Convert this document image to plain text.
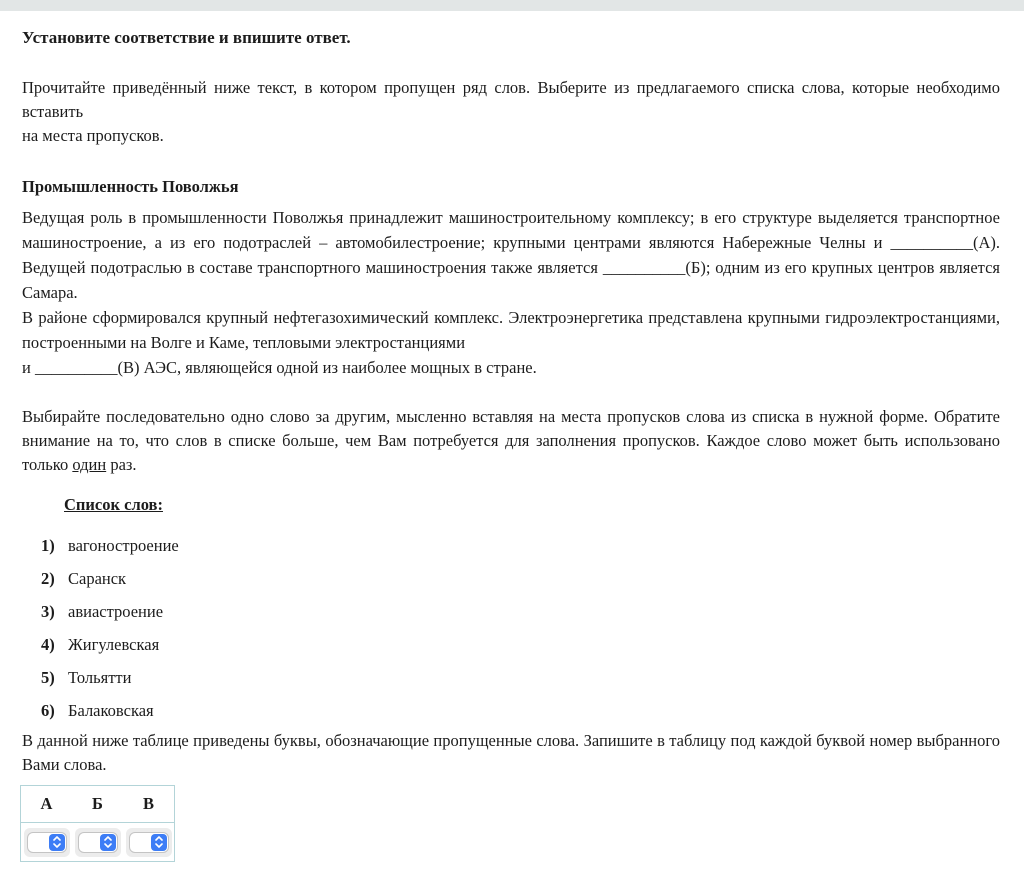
Установите соответствие и впишите ответ.

Прочитайте приведённый ниже текст, в котором пропущен ряд слов. Выберите из предлагаемого списка слова, которые необходимо вставить
на места пропусков.

Промышленность Поволжья

Ведущая роль в промышленности Поволжья принадлежит машиностроительному комплексу; в его структуре выделяется транспортное машиностроение, а из его подотраслей – автомобилестроение; крупными центрами являются Набережные Челны и __________(А). Ведущей подотраслью в составе транспортного машиностроения также является __________(Б); одним из его крупных центров является Самара.

В районе сформировался крупный нефтегазохимический комплекс. Электроэнергетика представлена крупными гидроэлектростанциями, построенными на Волге и Каме, тепловыми электростанциями

и __________(В) АЭС, являющейся одной из наиболее мощных в стране.

Выбирайте последовательно одно слово за другим, мысленно вставляя на места пропусков слова из списка в нужной форме. Обратите внимание на то, что слов в списке больше, чем Вам потребуется для заполнения пропусков. Каждое слово может быть использовано только один раз.

Список слов:

1) вагоностроение
2) Саранск
3) авиастроение
4) Жигулевская
5) Тольятти
6) Балаковская

В данной ниже таблице приведены буквы, обозначающие пропущенные слова. Запишите в таблицу под каждой буквой номер выбранного Вами слова.

А	Б	В
